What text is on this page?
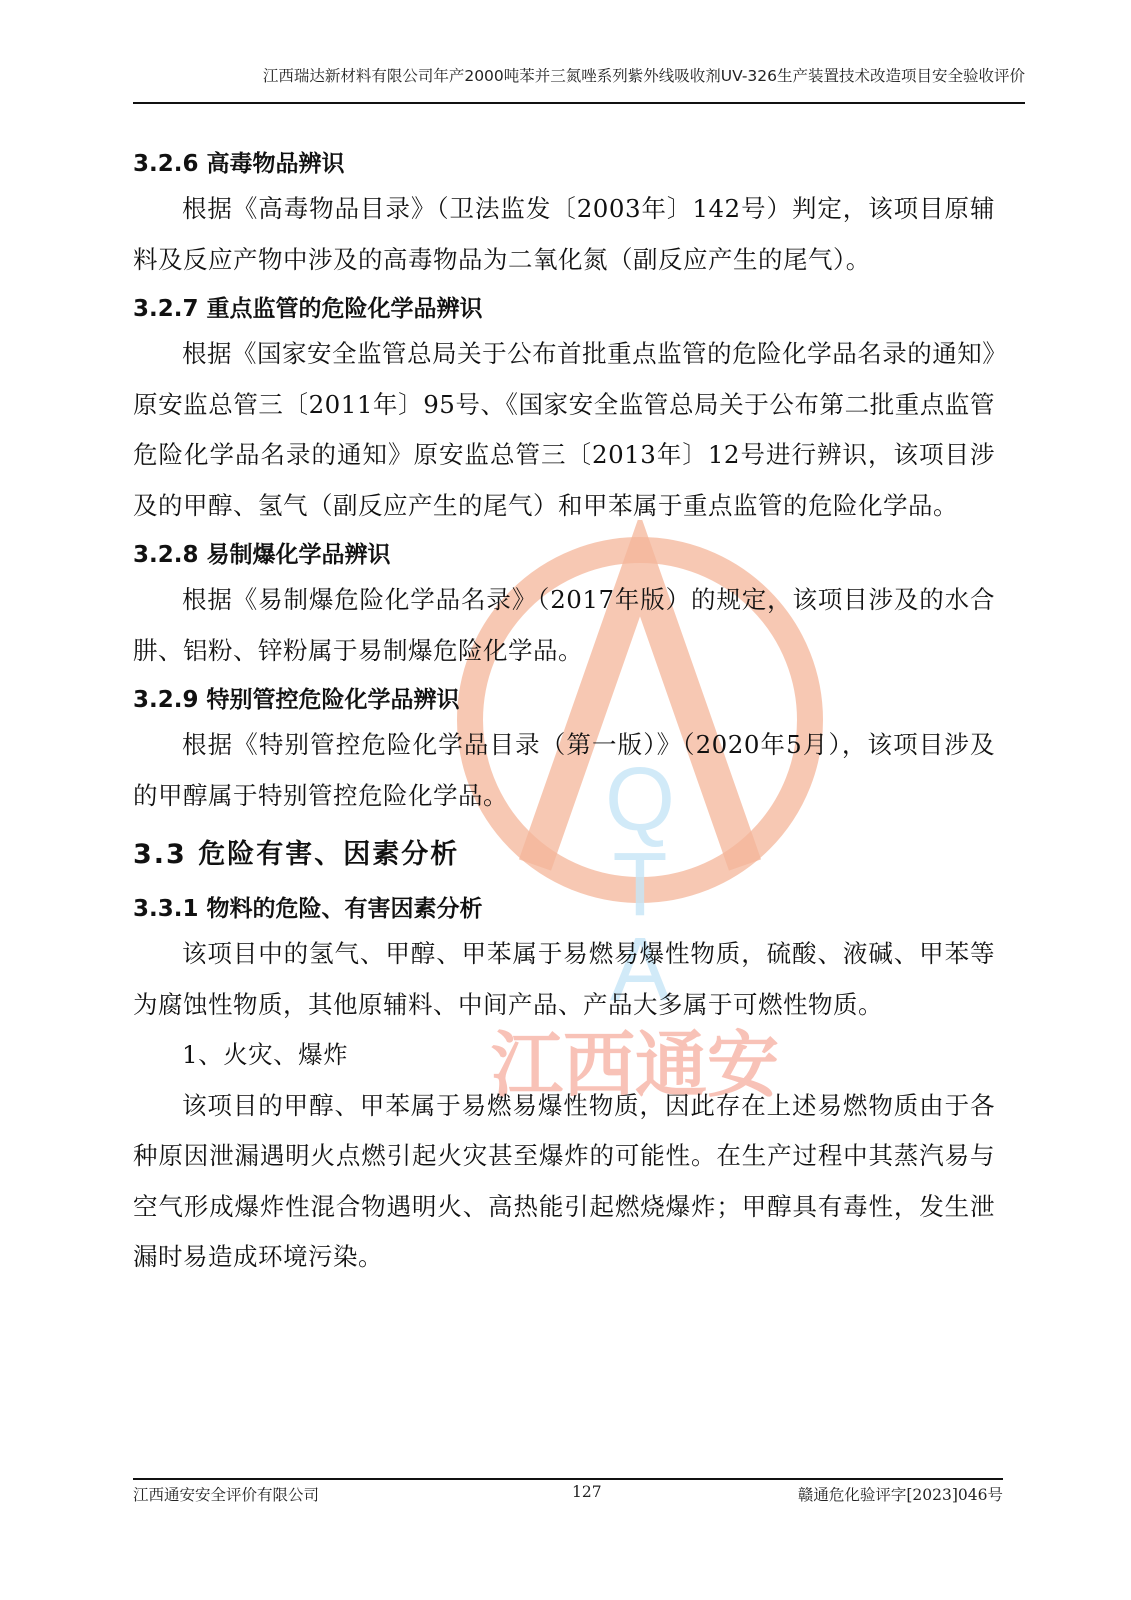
Q
T
A
江西通安
江西瑞达新材料有限公司年产2000吨苯并三氮唑系列紫外线吸收剂UV-326生产装置技术改造项目安全验收评价
3.2.6 高毒物品辨识

根据《高毒物品目录》（卫法监发〔2003年〕142号）判定，该项目原辅料及反应产物中涉及的高毒物品为二氧化氮（副反应产生的尾气）。

3.2.7 重点监管的危险化学品辨识

根据《国家安全监管总局关于公布首批重点监管的危险化学品名录的通知》原安监总管三〔2011年〕95号、《国家安全监管总局关于公布第二批重点监管危险化学品名录的通知》原安监总管三〔2013年〕12号进行辨识，该项目涉及的甲醇、氢气（副反应产生的尾气）和甲苯属于重点监管的危险化学品。

3.2.8 易制爆化学品辨识

根据《易制爆危险化学品名录》（2017年版）的规定，该项目涉及的水合肼、铝粉、锌粉属于易制爆危险化学品。

3.2.9 特别管控危险化学品辨识

根据《特别管控危险化学品目录（第一版）》（2020年5月），该项目涉及的甲醇属于特别管控危险化学品。

3.3 危险有害、因素分析
3.3.1 物料的危险、有害因素分析

该项目中的氢气、甲醇、甲苯属于易燃易爆性物质，硫酸、液碱、甲苯等为腐蚀性物质，其他原辅料、中间产品、产品大多属于可燃性物质。

1、火灾、爆炸

该项目的甲醇、甲苯属于易燃易爆性物质，因此存在上述易燃物质由于各种原因泄漏遇明火点燃引起火灾甚至爆炸的可能性。在生产过程中其蒸汽易与空气形成爆炸性混合物遇明火、高热能引起燃烧爆炸；甲醇具有毒性，发生泄漏时易造成环境污染。

江西通安安全评价有限公司	127	赣通危化验评字[2023]046号
